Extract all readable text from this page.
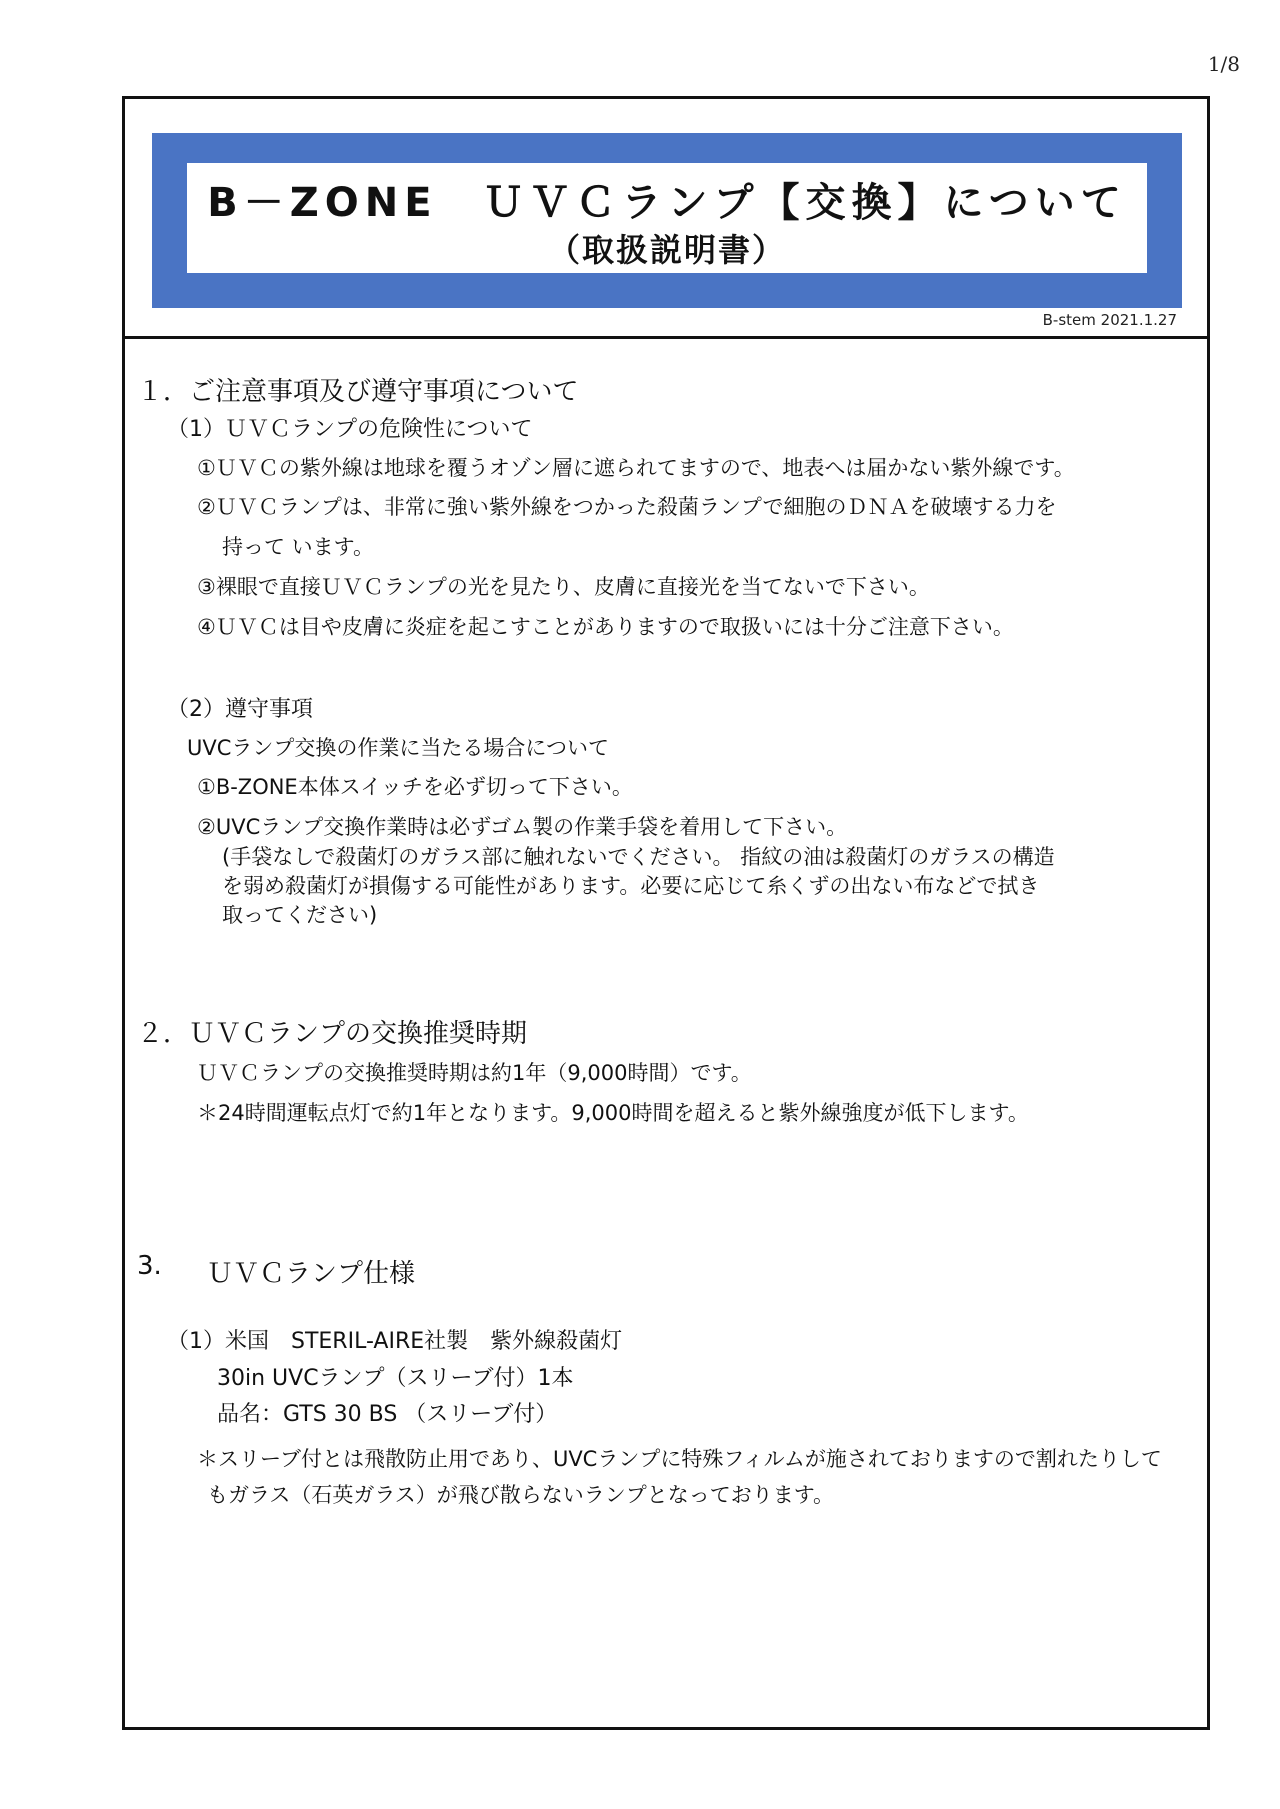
1/8
B－ZONE　ＵＶＣランプ【交換】について
（取扱説明書）
B-stem 2021.1.27
１．ご注意事項及び遵守事項について
（1）ＵＶＣランプの危険性について
①ＵＶＣの紫外線は地球を覆うオゾン層に遮られてますので、地表へは届かない紫外線です。
②ＵＶＣランプは、非常に強い紫外線をつかった殺菌ランプで細胞のＤＮＡを破壊する力を
持って います。
③裸眼で直接ＵＶＣランプの光を見たり、皮膚に直接光を当てないで下さい。
④ＵＶＣは目や皮膚に炎症を起こすことがありますので取扱いには十分ご注意下さい。
（2）遵守事項
UVCランプ交換の作業に当たる場合について
①B-ZONE本体スイッチを必ず切って下さい。
②UVCランプ交換作業時は必ずゴム製の作業手袋を着用して下さい。
(手袋なしで殺菌灯のガラス部に触れないでください。 指紋の油は殺菌灯のガラスの構造
を弱め殺菌灯が損傷する可能性があります。必要に応じて糸くずの出ない布などで拭き
取ってください)
２．ＵＶＣランプの交換推奨時期
ＵＶＣランプの交換推奨時期は約1年（9,000時間）です。
＊24時間運転点灯で約1年となります。9,000時間を超えると紫外線強度が低下します。
3. ＵＶＣランプ仕様
（1）米国　STERIL-AIRE社製　紫外線殺菌灯
30in UVCランプ（スリーブ付）1本
品名：GTS 30 BS （スリーブ付）
＊スリーブ付とは飛散防止用であり、UVCランプに特殊フィルムが施されておりますので割れたりして
もガラス（石英ガラス）が飛び散らないランプとなっております。
